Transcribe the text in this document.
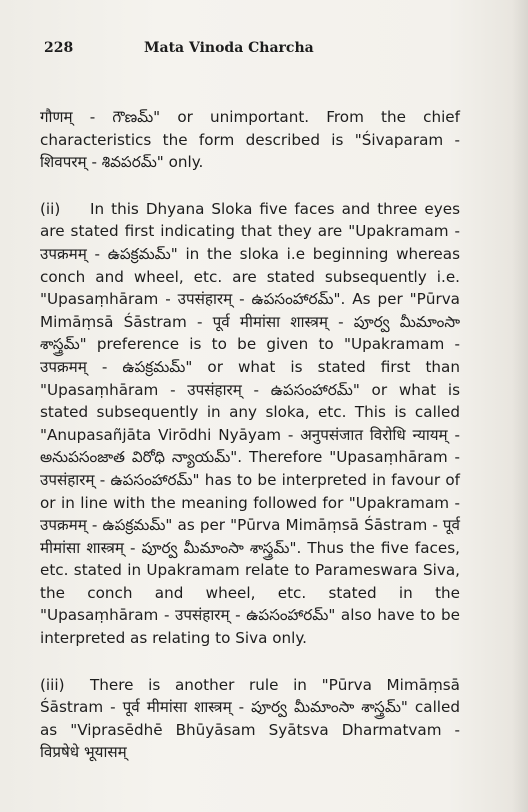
228	Mata Vinoda Charcha

गौणम् - గౌణమ్" or unimportant. From the chief characteristics the form described is "Śivaparam - शिवपरम् - శివపరమ్" only.

(ii) In this Dhyana Sloka five faces and three eyes are stated first indicating that they are "Upakramam - उपक्रमम् - ఉపక్రమమ్" in the sloka i.e beginning whereas conch and wheel, etc. are stated subsequently i.e. "Upasaṃhāram - उपसंहारम् - ఉపసంహారమ్". As per "Pūrva Mimāṃsā Śāstram - पूर्व मीमांसा शास्त्रम् - పూర్వ మీమాంసా శాస్త్రమ్" preference is to be given to "Upakramam - उपक्रमम् - ఉపక్రమమ్" or what is stated first than "Upasaṃhāram - उपसंहारम् - ఉపసంహారమ్" or what is stated subsequently in any sloka, etc. This is called "Anupasañjāta Virōdhi Nyāyam - अनुपसंजात विरोधि न्यायम् - అనుపసంజాత విరోధి న్యాయమ్". Therefore "Upasaṃhāram - उपसंहारम् - ఉపసంహారమ్" has to be interpreted in favour of or in line with the meaning followed for "Upakramam - उपक्रमम् - ఉపక్రమమ్" as per "Pūrva Mimāṃsā Śāstram - पूर्व मीमांसा शास्त्रम् - పూర్వ మీమాంసా శాస్త్రమ్". Thus the five faces, etc. stated in Upakramam relate to Parameswara Siva, the conch and wheel, etc. stated in the "Upasaṃhāram - उपसंहारम् - ఉపసంహారమ్" also have to be interpreted as relating to Siva only.

(iii) There is another rule in "Pūrva Mimāṃsā Śāstram - पूर्व मीमांसा शास्त्रम् - పూర్వ మీమాంసా శాస్త్రమ్" called as "Viprasēdhē Bhūyāsam Syātsva Dharmatvam - विप्रषेधे भूयासम्
